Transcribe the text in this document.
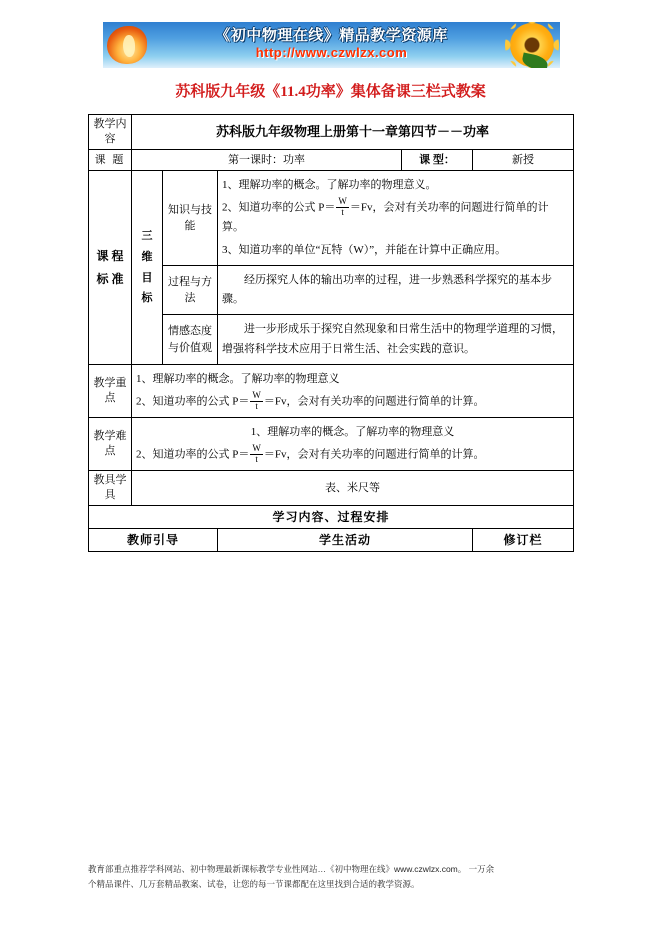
《初中物理在线》精品教学资源库
http://www.czwlzx.com
苏科版九年级《11.4功率》集体备课三栏式教案
教学内容	苏科版九年级物理上册第十一章第四节－－功率				
课 题	第一课时：功率			课 型：	新授
课 程 标 准	三 维 目 标	知识与技能	
1、理解功率的概念。了解功率的物理意义。
2、知道功率的公式 $P= \frac{W}{t} =Fv$，会对有关功率的问题进行简单的计算。
3、知道功率的单位“瓦特（W）”，并能在计算中正确应用。

		过程与方法	经历探究人体的输出功率的过程，进一步熟悉科学探究的基本步骤。		

		情感态度与价值观	进一步形成乐于探究自然现象和日常生活中的物理学道理的习惯，增强将科学技术应用于日常生活、社会实践的意识。		

教学重点	1、理解功率的概念。了解功率的物理意义
2、知道功率的公式 $P= \frac{W}{t} =Fv$，会对有关功率的问题进行简单的计算。				

教学难点	1、理解功率的概念。了解功率的物理意义
2、知道功率的公式 $P= \frac{W}{t} =Fv$，会对有关功率的问题进行简单的计算。				

教具学具	表、米尺等				
学习内容、过程安排					
教师引导			学生活动		修订栏
教育部重点推荐学科网站、初中物理最新课标教学专业性网站…《初中物理在线》www.czwlzx.com。 一万余
个精品课件、几万套精品教案、试卷，让您的每一节课都配在这里找到合适的教学资源。
